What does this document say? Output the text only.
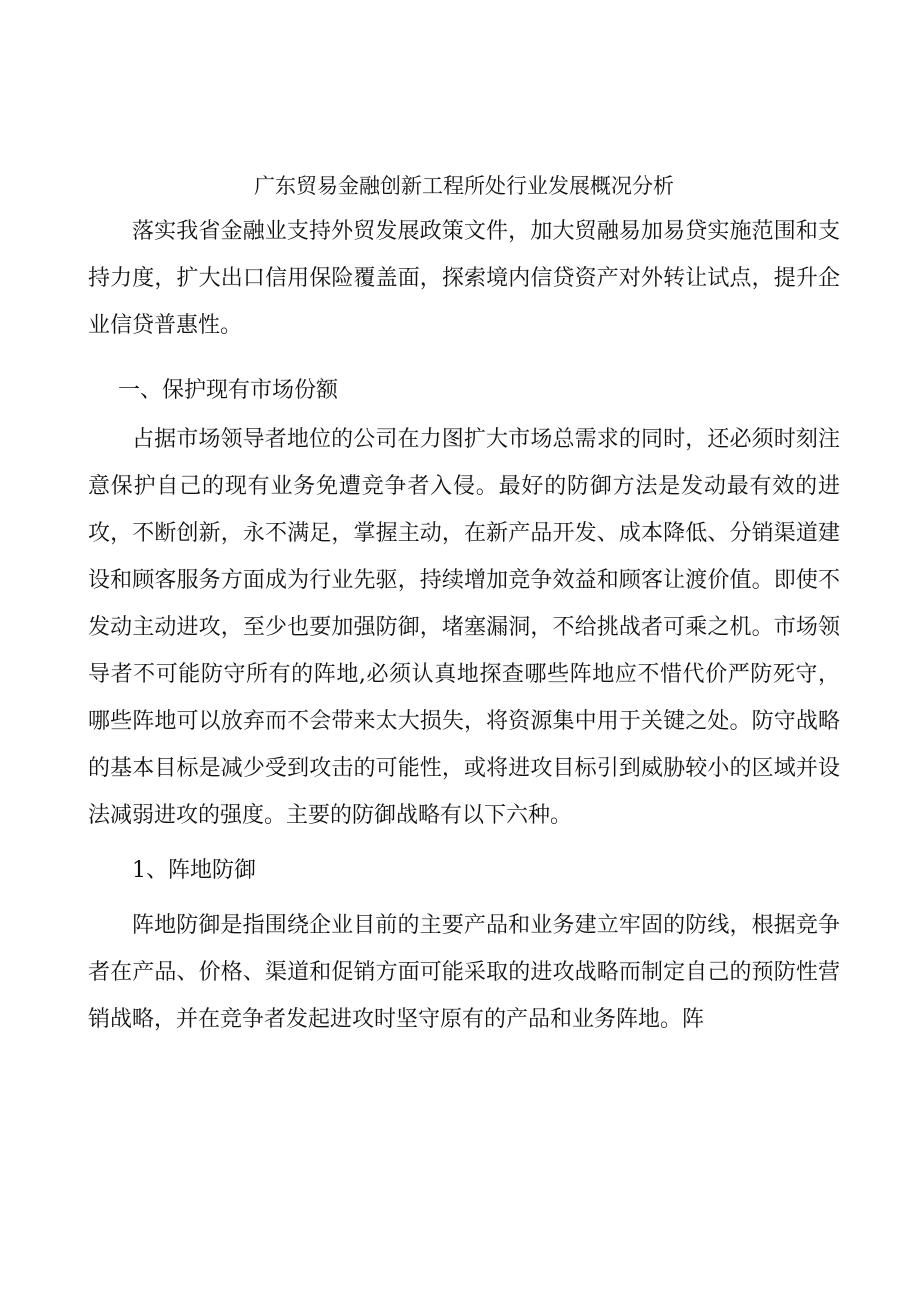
广东贸易金融创新工程所处行业发展概况分析

落实我省金融业支持外贸发展政策文件，加大贸融易加易贷实施范围和支持力度，扩大出口信用保险覆盖面，探索境内信贷资产对外转让试点，提升企业信贷普惠性。

一、保护现有市场份额

占据市场领导者地位的公司在力图扩大市场总需求的同时，还必须时刻注意保护自己的现有业务免遭竞争者入侵。最好的防御方法是发动最有效的进攻，不断创新，永不满足，掌握主动，在新产品开发、成本降低、分销渠道建设和顾客服务方面成为行业先驱，持续增加竞争效益和顾客让渡价值。即使不发动主动进攻，至少也要加强防御，堵塞漏洞，不给挑战者可乘之机。市场领导者不可能防守所有的阵地,必须认真地探查哪些阵地应不惜代价严防死守，哪些阵地可以放弃而不会带来太大损失，将资源集中用于关键之处。防守战略的基本目标是减少受到攻击的可能性，或将进攻目标引到威胁较小的区域并设法减弱进攻的强度。主要的防御战略有以下六种。

1、阵地防御

阵地防御是指围绕企业目前的主要产品和业务建立牢固的防线，根据竞争者在产品、价格、渠道和促销方面可能采取的进攻战略而制定自己的预防性营销战略，并在竞争者发起进攻时坚守原有的产品和业务阵地。阵
